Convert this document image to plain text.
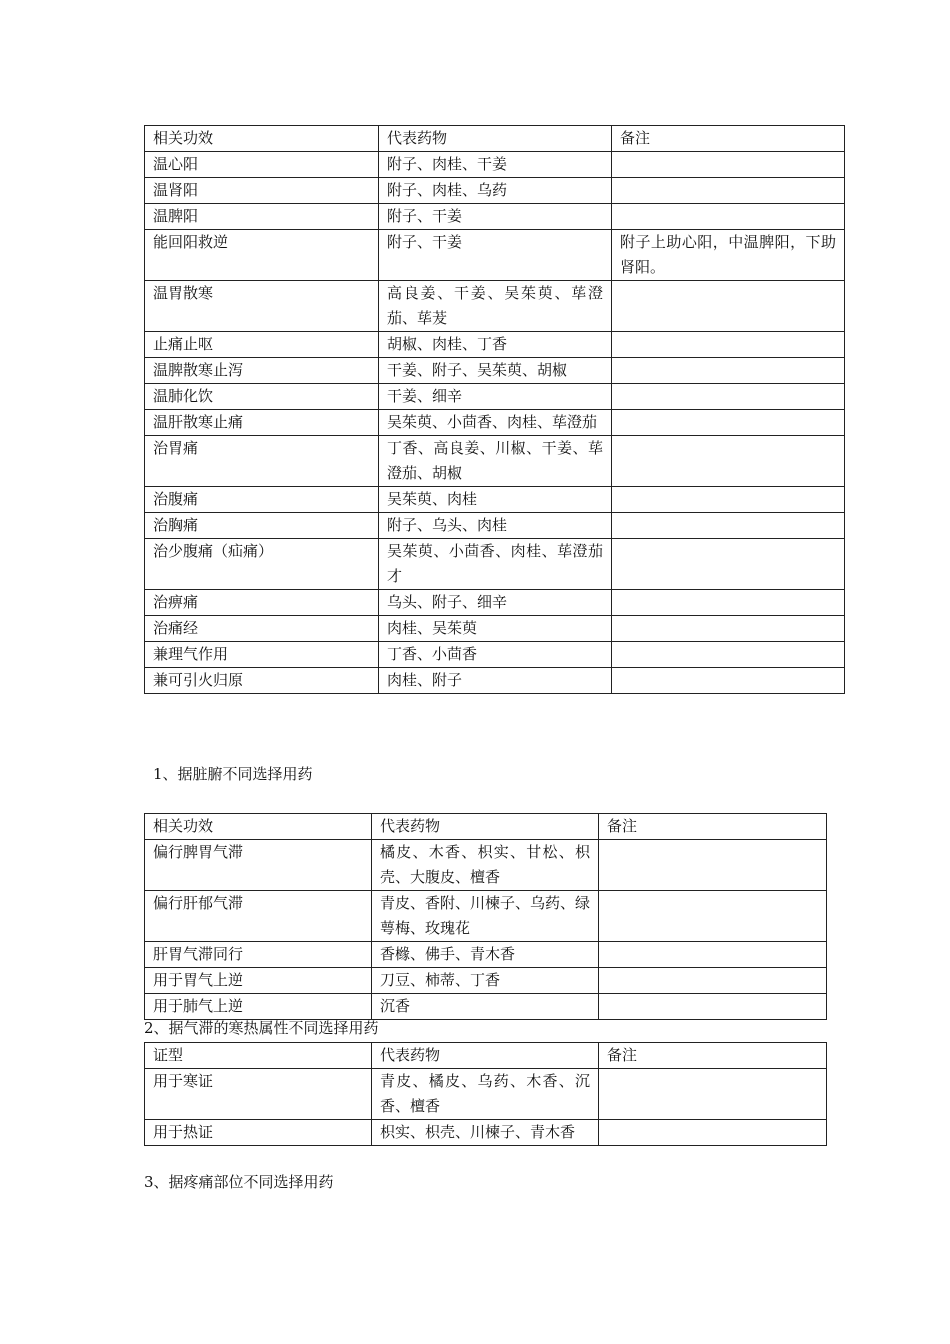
相关功效	代表药物	备注
温心阳	附子、肉桂、干姜	
温肾阳	附子、肉桂、乌药	
温脾阳	附子、干姜	
能回阳救逆	附子、干姜	附子上助心阳，中温脾阳，下助肾阳。
温胃散寒	高良姜、干姜、吴茱萸、荜澄茄、荜茇	
止痛止呕	胡椒、肉桂、丁香	
温脾散寒止泻	干姜、附子、吴茱萸、胡椒	
温肺化饮	干姜、细辛	
温肝散寒止痛	吴茱萸、小茴香、肉桂、荜澄茄	
治胃痛	丁香、高良姜、川椒、干姜、荜澄茄、胡椒	
治腹痛	吴茱萸、肉桂	
治胸痛	附子、乌头、肉桂	
治少腹痛（疝痛）	吴茱萸、小茴香、肉桂、荜澄茄才	
治痹痛	乌头、附子、细辛	
治痛经	肉桂、吴茱萸	
兼理气作用	丁香、小茴香	
兼可引火归原	肉桂、附子	
1、据脏腑不同选择用药
相关功效	代表药物	备注
偏行脾胃气滞	橘皮、木香、枳实、甘松、枳壳、大腹皮、檀香	
偏行肝郁气滞	青皮、香附、川楝子、乌药、绿萼梅、玫瑰花	
肝胃气滞同行	香橼、佛手、青木香	
用于胃气上逆	刀豆、柿蒂、丁香	
用于肺气上逆	沉香	
2、据气滞的寒热属性不同选择用药
证型	代表药物	备注
用于寒证	青皮、橘皮、乌药、木香、沉香、檀香	
用于热证	枳实、枳壳、川楝子、青木香	
3、据疼痛部位不同选择用药
